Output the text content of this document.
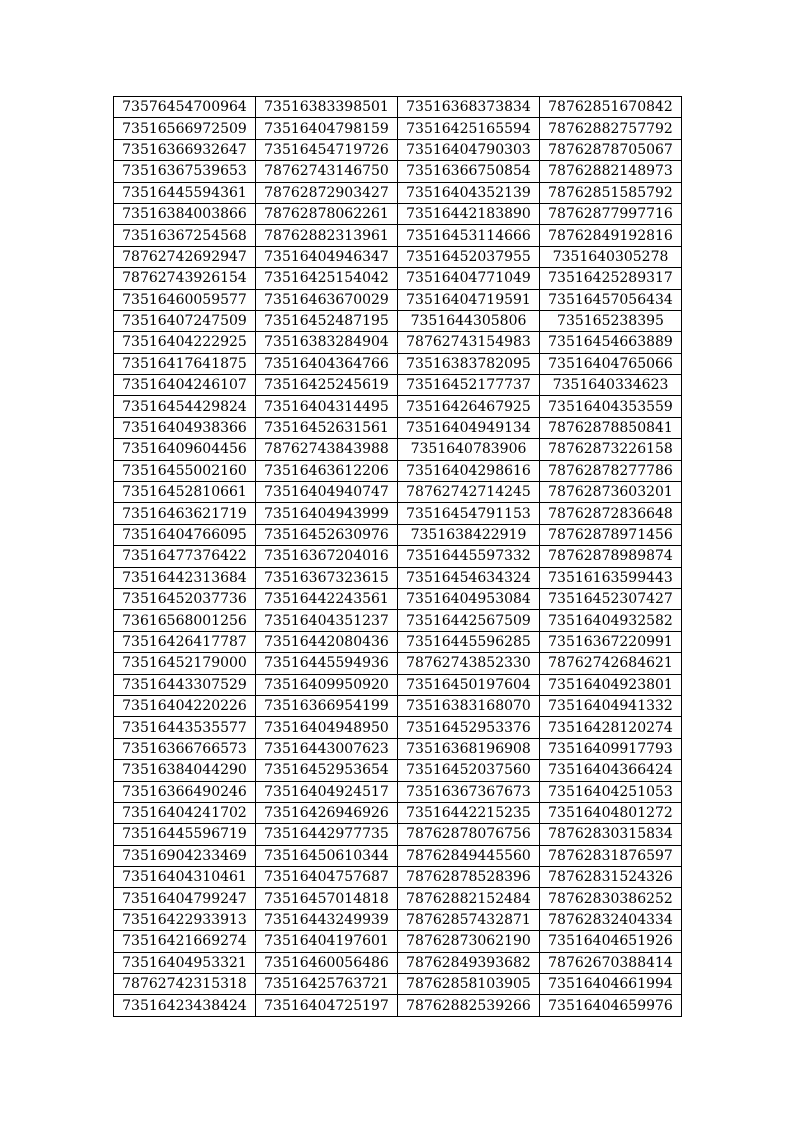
73576454700964	73516383398501	73516368373834	78762851670842
73516566972509	73516404798159	73516425165594	78762882757792
73516366932647	73516454719726	73516404790303	78762878705067
73516367539653	78762743146750	73516366750854	78762882148973
73516445594361	78762872903427	73516404352139	78762851585792
73516384003866	78762878062261	73516442183890	78762877997716
73516367254568	78762882313961	73516453114666	78762849192816
78762742692947	73516404946347	73516452037955	7351640305278
78762743926154	73516425154042	73516404771049	73516425289317
73516460059577	73516463670029	73516404719591	73516457056434
73516407247509	73516452487195	7351644305806	735165238395
73516404222925	73516383284904	78762743154983	73516454663889
73516417641875	73516404364766	73516383782095	73516404765066
73516404246107	73516425245619	73516452177737	7351640334623
73516454429824	73516404314495	73516426467925	73516404353559
73516404938366	73516452631561	73516404949134	78762878850841
73516409604456	78762743843988	7351640783906	78762873226158
73516455002160	73516463612206	73516404298616	78762878277786
73516452810661	73516404940747	78762742714245	78762873603201
73516463621719	73516404943999	73516454791153	78762872836648
73516404766095	73516452630976	7351638422919	78762878971456
73516477376422	73516367204016	73516445597332	78762878989874
73516442313684	73516367323615	73516454634324	73516163599443
73516452037736	73516442243561	73516404953084	73516452307427
73616568001256	73516404351237	73516442567509	73516404932582
73516426417787	73516442080436	73516445596285	73516367220991
73516452179000	73516445594936	78762743852330	78762742684621
73516443307529	73516409950920	73516450197604	73516404923801
73516404220226	73516366954199	73516383168070	73516404941332
73516443535577	73516404948950	73516452953376	73516428120274
73516366766573	73516443007623	73516368196908	73516409917793
73516384044290	73516452953654	73516452037560	73516404366424
73516366490246	73516404924517	73516367367673	73516404251053
73516404241702	73516426946926	73516442215235	73516404801272
73516445596719	73516442977735	78762878076756	78762830315834
73516904233469	73516450610344	78762849445560	78762831876597
73516404310461	73516404757687	78762878528396	78762831524326
73516404799247	73516457014818	78762882152484	78762830386252
73516422933913	73516443249939	78762857432871	78762832404334
73516421669274	73516404197601	78762873062190	73516404651926
73516404953321	73516460056486	78762849393682	78762670388414
78762742315318	73516425763721	78762858103905	73516404661994
73516423438424	73516404725197	78762882539266	73516404659976
